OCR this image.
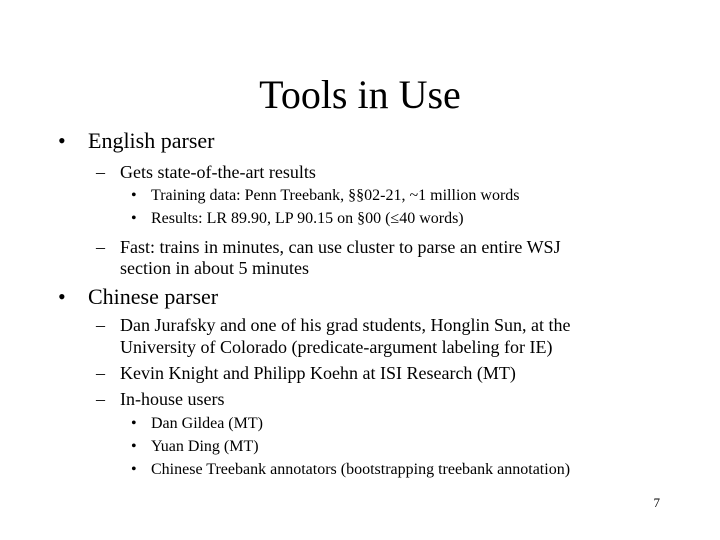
Tools in Use
• English parser
– Gets state-of-the-art results
• Training data: Penn Treebank, §§02-21, ~1 million words
• Results: LR 89.90, LP 90.15 on §00 (≤40 words)
– Fast: trains in minutes, can use cluster to parse an entire WSJ
section in about 5 minutes
• Chinese parser
– Dan Jurafsky and one of his grad students, Honglin Sun, at the
University of Colorado (predicate-argument labeling for IE)
– Kevin Knight and Philipp Koehn at ISI Research (MT)
– In-house users
• Dan Gildea (MT)
• Yuan Ding (MT)
• Chinese Treebank annotators (bootstrapping treebank annotation)
7
